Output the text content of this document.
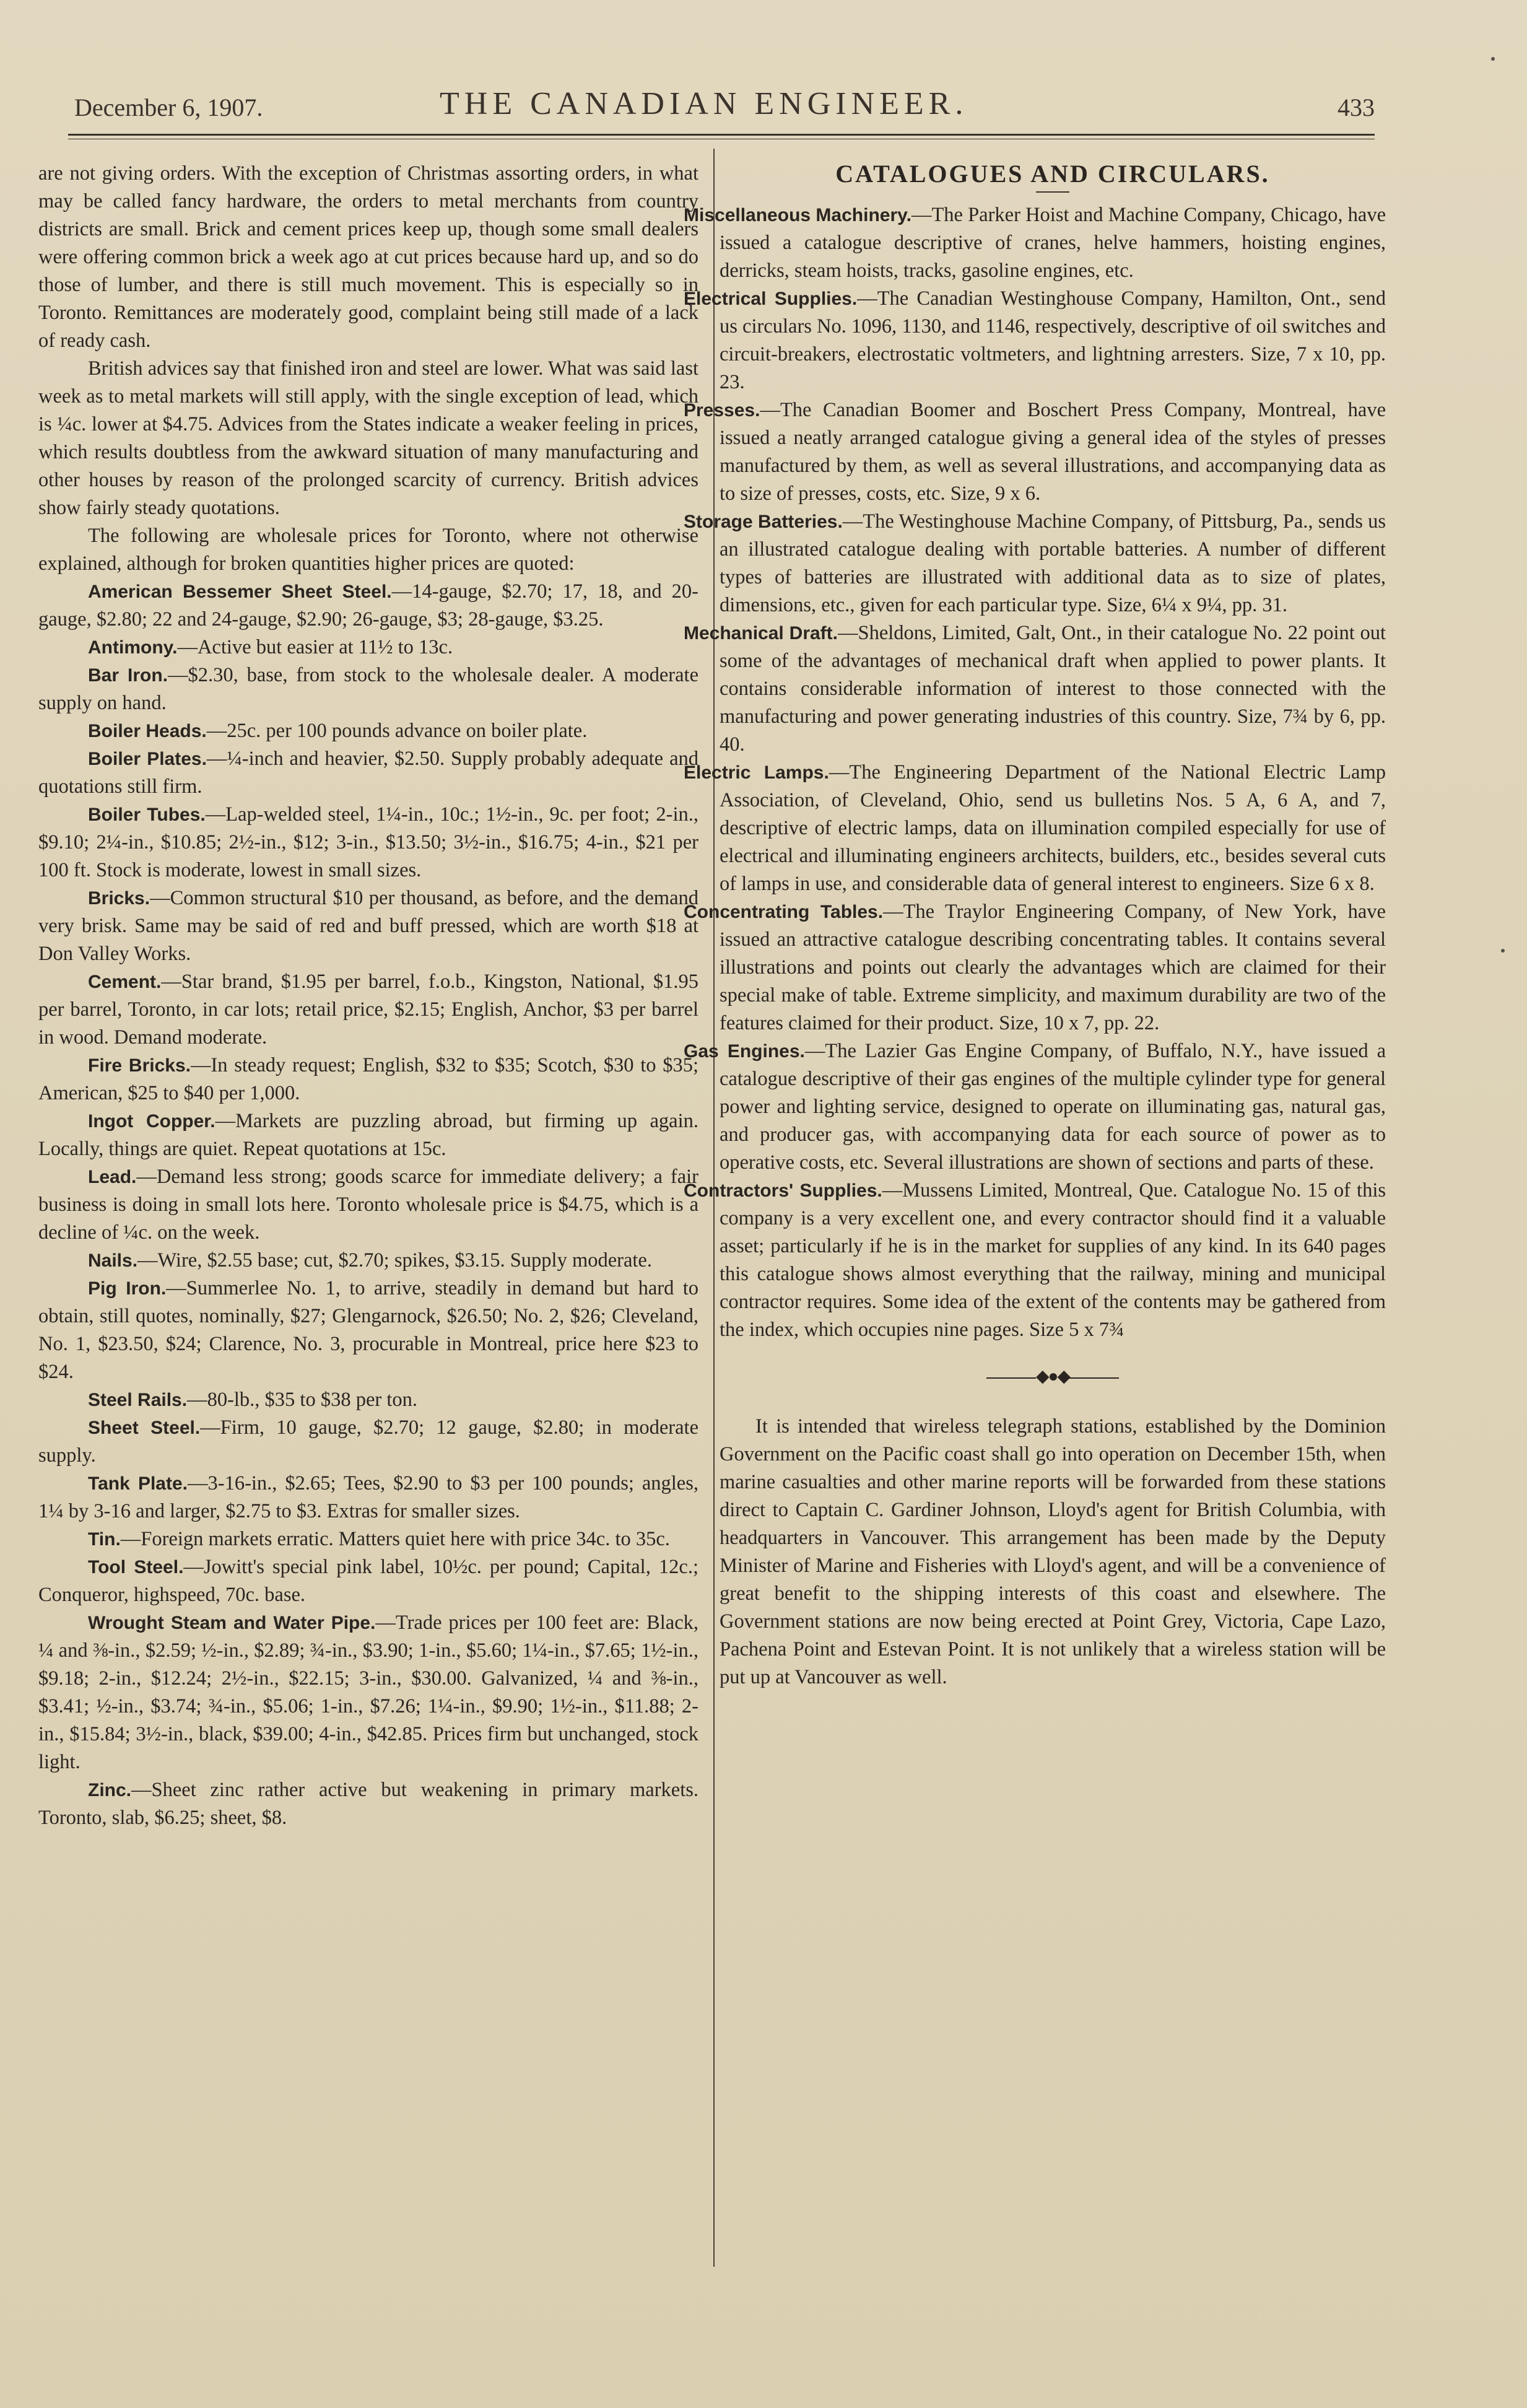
December 6, 1907.	THE CANADIAN ENGINEER.	433

are not giving orders. With the exception of Christmas assorting orders, in what may be called fancy hardware, the orders to metal merchants from country districts are small. Brick and cement prices keep up, though some small dealers were offering common brick a week ago at cut prices because hard up, and so do those of lumber, and there is still much movement. This is especially so in Toronto. Remittances are moderately good, complaint being still made of a lack of ready cash.

British advices say that finished iron and steel are lower. What was said last week as to metal markets will still apply, with the single exception of lead, which is ¼c. lower at $4.75. Advices from the States indicate a weaker feeling in prices, which results doubtless from the awkward situation of many manufacturing and other houses by reason of the prolonged scarcity of currency. British advices show fairly steady quotations.

The following are wholesale prices for Toronto, where not otherwise explained, although for broken quantities higher prices are quoted:

American Bessemer Sheet Steel.—14-gauge, $2.70; 17, 18, and 20-gauge, $2.80; 22 and 24-gauge, $2.90; 26-gauge, $3; 28-gauge, $3.25.

Antimony.—Active but easier at 11½ to 13c.

Bar Iron.—$2.30, base, from stock to the wholesale dealer. A moderate supply on hand.

Boiler Heads.—25c. per 100 pounds advance on boiler plate.

Boiler Plates.—¼-inch and heavier, $2.50. Supply probably adequate and quotations still firm.

Boiler Tubes.—Lap-welded steel, 1¼-in., 10c.; 1½-in., 9c. per foot; 2-in., $9.10; 2¼-in., $10.85; 2½-in., $12; 3-in., $13.50; 3½-in., $16.75; 4-in., $21 per 100 ft. Stock is moderate, lowest in small sizes.

Bricks.—Common structural $10 per thousand, as before, and the demand very brisk. Same may be said of red and buff pressed, which are worth $18 at Don Valley Works.

Cement.—Star brand, $1.95 per barrel, f.o.b., Kingston, National, $1.95 per barrel, Toronto, in car lots; retail price, $2.15; English, Anchor, $3 per barrel in wood. Demand moderate.

Fire Bricks.—In steady request; English, $32 to $35; Scotch, $30 to $35; American, $25 to $40 per 1,000.

Ingot Copper.—Markets are puzzling abroad, but firming up again. Locally, things are quiet. Repeat quotations at 15c.

Lead.—Demand less strong; goods scarce for immediate delivery; a fair business is doing in small lots here. Toronto wholesale price is $4.75, which is a decline of ¼c. on the week.

Nails.—Wire, $2.55 base; cut, $2.70; spikes, $3.15. Supply moderate.

Pig Iron.—Summerlee No. 1, to arrive, steadily in demand but hard to obtain, still quotes, nominally, $27; Glengarnock, $26.50; No. 2, $26; Cleveland, No. 1, $23.50, $24; Clarence, No. 3, procurable in Montreal, price here $23 to $24.

Steel Rails.—80-lb., $35 to $38 per ton.

Sheet Steel.—Firm, 10 gauge, $2.70; 12 gauge, $2.80; in moderate supply.

Tank Plate.—3-16-in., $2.65; Tees, $2.90 to $3 per 100 pounds; angles, 1¼ by 3-16 and larger, $2.75 to $3. Extras for smaller sizes.

Tin.—Foreign markets erratic. Matters quiet here with price 34c. to 35c.

Tool Steel.—Jowitt's special pink label, 10½c. per pound; Capital, 12c.; Conqueror, highspeed, 70c. base.

Wrought Steam and Water Pipe.—Trade prices per 100 feet are: Black, ¼ and ⅜-in., $2.59; ½-in., $2.89; ¾-in., $3.90; 1-in., $5.60; 1¼-in., $7.65; 1½-in., $9.18; 2-in., $12.24; 2½-in., $22.15; 3-in., $30.00. Galvanized, ¼ and ⅜-in., $3.41; ½-in., $3.74; ¾-in., $5.06; 1-in., $7.26; 1¼-in., $9.90; 1½-in., $11.88; 2-in., $15.84; 3½-in., black, $39.00; 4-in., $42.85. Prices firm but unchanged, stock light.

Zinc.—Sheet zinc rather active but weakening in primary markets. Toronto, slab, $6.25; sheet, $8.

CATALOGUES AND CIRCULARS.

Miscellaneous Machinery.—The Parker Hoist and Machine Company, Chicago, have issued a catalogue descriptive of cranes, helve hammers, hoisting engines, derricks, steam hoists, tracks, gasoline engines, etc.

Electrical Supplies.—The Canadian Westinghouse Company, Hamilton, Ont., send us circulars No. 1096, 1130, and 1146, respectively, descriptive of oil switches and circuit-breakers, electrostatic voltmeters, and lightning arresters. Size, 7 x 10, pp. 23.

Presses.—The Canadian Boomer and Boschert Press Company, Montreal, have issued a neatly arranged catalogue giving a general idea of the styles of presses manufactured by them, as well as several illustrations, and accompanying data as to size of presses, costs, etc. Size, 9 x 6.

Storage Batteries.—The Westinghouse Machine Company, of Pittsburg, Pa., sends us an illustrated catalogue dealing with portable batteries. A number of different types of batteries are illustrated with additional data as to size of plates, dimensions, etc., given for each particular type. Size, 6¼ x 9¼, pp. 31.

Mechanical Draft.—Sheldons, Limited, Galt, Ont., in their catalogue No. 22 point out some of the advantages of mechanical draft when applied to power plants. It contains considerable information of interest to those connected with the manufacturing and power generating industries of this country. Size, 7¾ by 6, pp. 40.

Electric Lamps.—The Engineering Department of the National Electric Lamp Association, of Cleveland, Ohio, send us bulletins Nos. 5 A, 6 A, and 7, descriptive of electric lamps, data on illumination compiled especially for use of electrical and illuminating engineers architects, builders, etc., besides several cuts of lamps in use, and considerable data of general interest to engineers. Size 6 x 8.

Concentrating Tables.—The Traylor Engineering Company, of New York, have issued an attractive catalogue describing concentrating tables. It contains several illustrations and points out clearly the advantages which are claimed for their special make of table. Extreme simplicity, and maximum durability are two of the features claimed for their product. Size, 10 x 7, pp. 22.

Gas Engines.—The Lazier Gas Engine Company, of Buffalo, N.Y., have issued a catalogue descriptive of their gas engines of the multiple cylinder type for general power and lighting service, designed to operate on illuminating gas, natural gas, and producer gas, with accompanying data for each source of power as to operative costs, etc. Several illustrations are shown of sections and parts of these.

Contractors' Supplies.—Mussens Limited, Montreal, Que. Catalogue No. 15 of this company is a very excellent one, and every contractor should find it a valuable asset; particularly if he is in the market for supplies of any kind. In its 640 pages this catalogue shows almost everything that the railway, mining and municipal contractor requires. Some idea of the extent of the contents may be gathered from the index, which occupies nine pages. Size 5 x 7¾

◆●◆

It is intended that wireless telegraph stations, established by the Dominion Government on the Pacific coast shall go into operation on December 15th, when marine casualties and other marine reports will be forwarded from these stations direct to Captain C. Gardiner Johnson, Lloyd's agent for British Columbia, with headquarters in Vancouver. This arrangement has been made by the Deputy Minister of Marine and Fisheries with Lloyd's agent, and will be a convenience of great benefit to the shipping interests of this coast and elsewhere. The Government stations are now being erected at Point Grey, Victoria, Cape Lazo, Pachena Point and Estevan Point. It is not unlikely that a wireless station will be put up at Vancouver as well.
